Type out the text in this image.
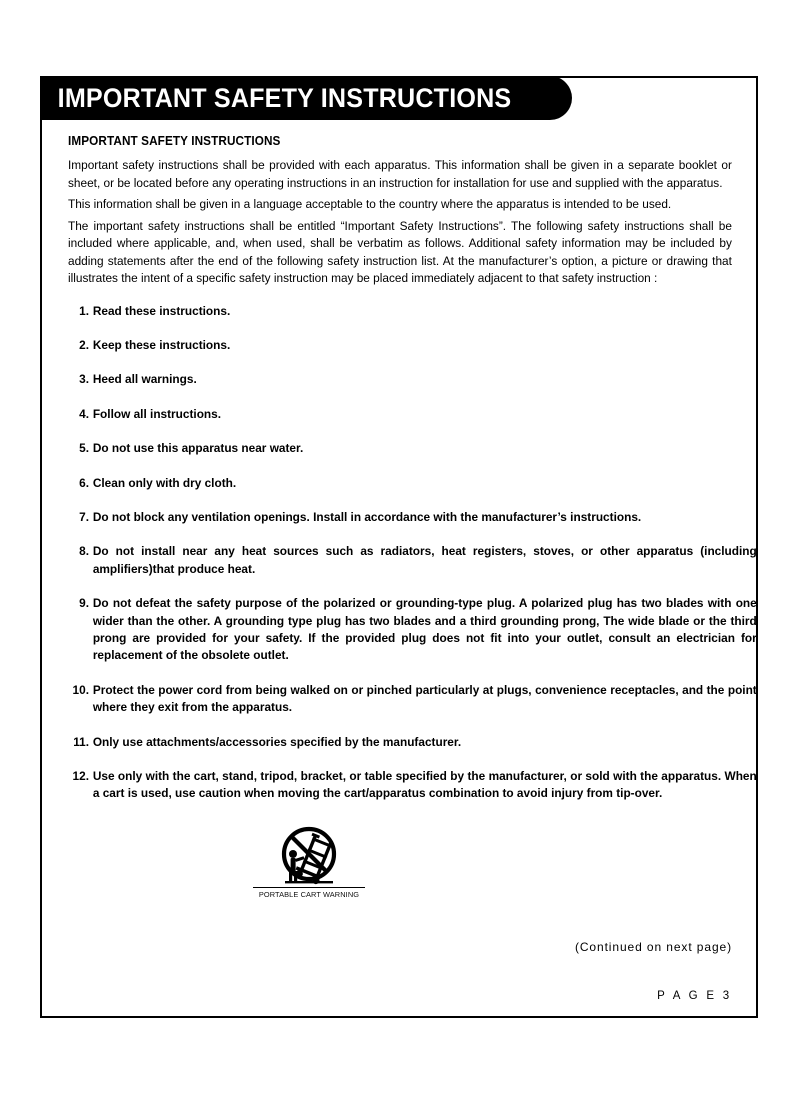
IMPORTANT SAFETY INSTRUCTIONS
IMPORTANT SAFETY INSTRUCTIONS

Important safety instructions shall be provided with each apparatus. This information shall be given in a separate booklet or sheet, or be located before any operating instructions in an instruction for installation for use and supplied with the apparatus.

This information shall be given in a language acceptable to the country where the apparatus is intended to be used.

The important safety instructions shall be entitled “Important Safety Instructions”. The following safety instructions shall be included where applicable, and, when used, shall be verbatim as follows. Additional safety information may be included by adding statements after the end of the following safety instruction list. At the manufacturer’s option, a picture or drawing that illustrates the intent of a specific safety instruction may be placed immediately adjacent to that safety instruction :

1. Read these instructions.
2. Keep these instructions.
3. Heed all warnings.
4. Follow all instructions.
5. Do not use this apparatus near water.
6. Clean only with dry cloth.
7. Do not block any ventilation openings. Install in accordance with the manufacturer’s instructions.
8. Do not install near any heat sources such as radiators, heat registers, stoves, or other apparatus (including amplifiers)that produce heat.
9. Do not defeat the safety purpose of the polarized or grounding-type plug. A polarized plug has two blades with one wider than the other. A grounding type plug has two blades and a third grounding prong, The wide blade or the third prong are provided for your safety. If the provided plug does not fit into your outlet, consult an electrician for replacement of the obsolete outlet.
10. Protect the power cord from being walked on or pinched particularly at plugs, convenience receptacles, and the point where they exit from the apparatus.
11. Only use attachments/accessories specified by the manufacturer.
12. Use only with the cart, stand, tripod, bracket, or table specified by the manufacturer, or sold with the apparatus. When a cart is used, use caution when moving the cart/apparatus combination to avoid injury from tip-over.
PORTABLE CART WARNING
(Continued on next page)
P A G E 3
